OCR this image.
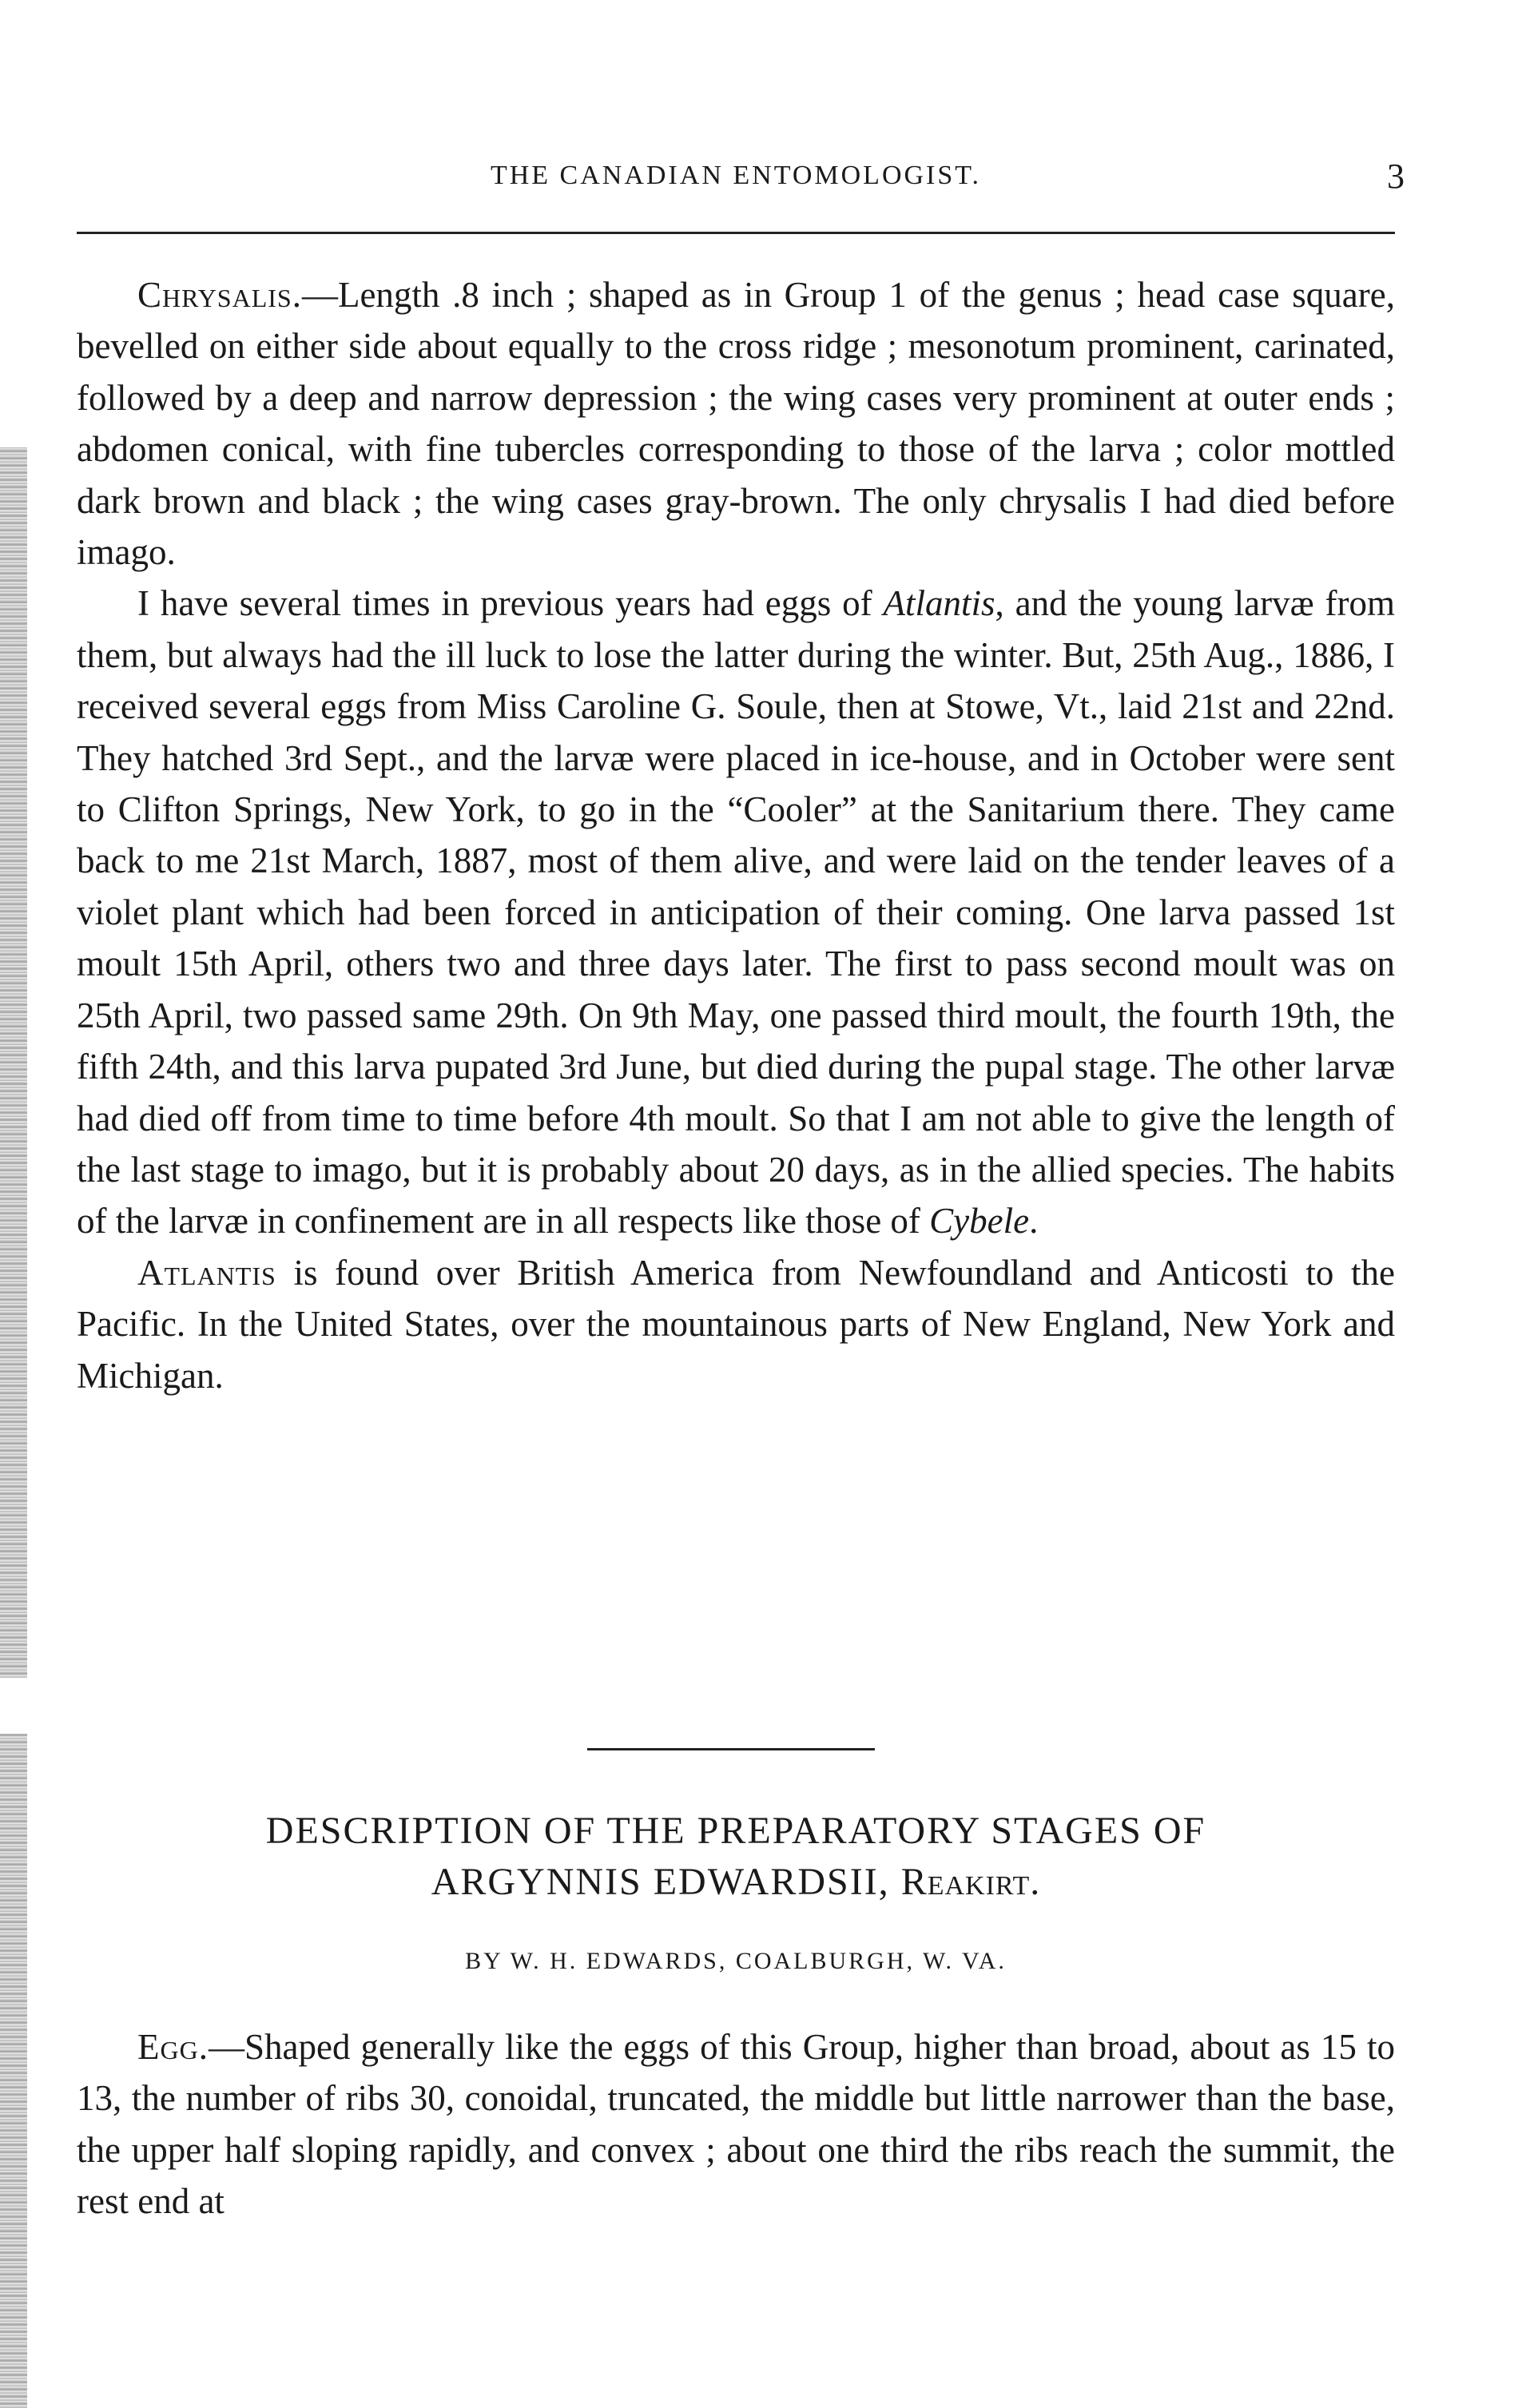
THE CANADIAN ENTOMOLOGIST.	3

Chrysalis.—Length .8 inch ; shaped as in Group 1 of the genus ; head case square, bevelled on either side about equally to the cross ridge ; mesonotum prominent, carinated, followed by a deep and narrow depression ; the wing cases very prominent at outer ends ; abdomen conical, with fine tubercles corresponding to those of the larva ; color mottled dark brown and black ; the wing cases gray-brown. The only chrysalis I had died before imago.

I have several times in previous years had eggs of Atlantis, and the young larvæ from them, but always had the ill luck to lose the latter during the winter. But, 25th Aug., 1886, I received several eggs from Miss Caroline G. Soule, then at Stowe, Vt., laid 21st and 22nd. They hatched 3rd Sept., and the larvæ were placed in ice-house, and in October were sent to Clifton Springs, New York, to go in the “Cooler” at the Sanitarium there. They came back to me 21st March, 1887, most of them alive, and were laid on the tender leaves of a violet plant which had been forced in anticipation of their coming. One larva passed 1st moult 15th April, others two and three days later. The first to pass second moult was on 25th April, two passed same 29th. On 9th May, one passed third moult, the fourth 19th, the fifth 24th, and this larva pupated 3rd June, but died during the pupal stage. The other larvæ had died off from time to time before 4th moult. So that I am not able to give the length of the last stage to imago, but it is probably about 20 days, as in the allied species. The habits of the larvæ in confinement are in all respects like those of Cybele.

Atlantis is found over British America from Newfoundland and Anticosti to the Pacific. In the United States, over the mountainous parts of New England, New York and Michigan.

DESCRIPTION OF THE PREPARATORY STAGES OF
ARGYNNIS EDWARDSII, Reakirt.
BY W. H. EDWARDS, COALBURGH, W. VA.

Egg.—Shaped generally like the eggs of this Group, higher than broad, about as 15 to 13, the number of ribs 30, conoidal, truncated, the middle but little narrower than the base, the upper half sloping rapidly, and convex ; about one third the ribs reach the summit, the rest end at
